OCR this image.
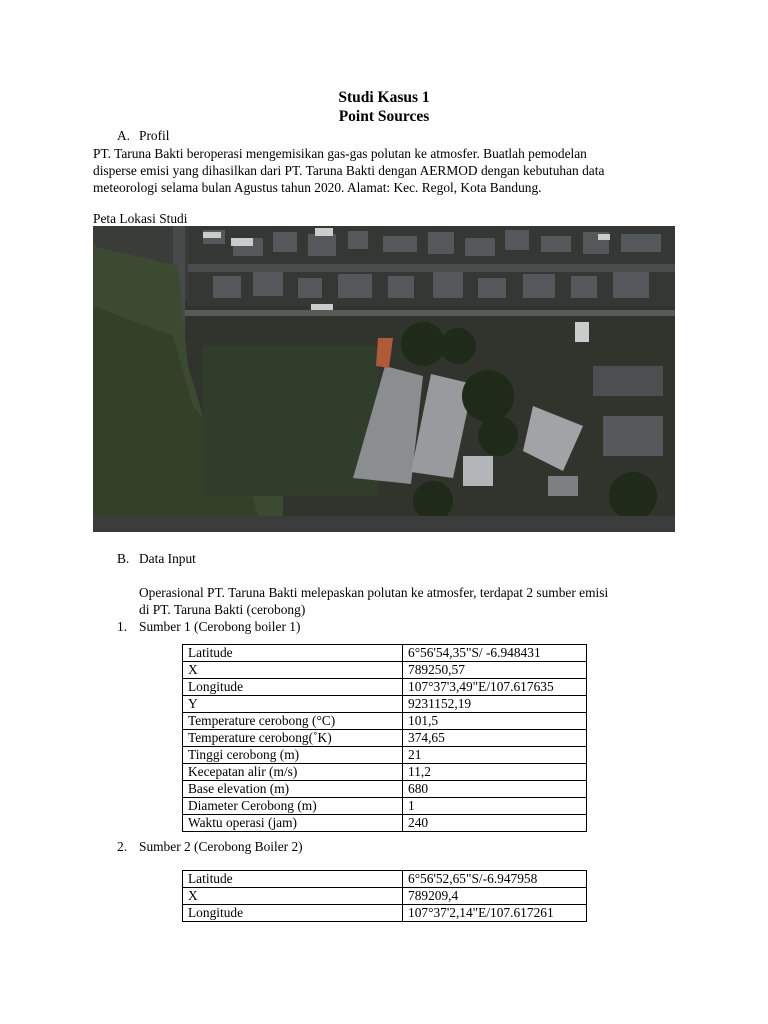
Studi Kasus 1
Point Sources
A. Profil
PT. Taruna Bakti beroperasi mengemisikan gas-gas polutan ke atmosfer. Buatlah pemodelan
disperse emisi yang dihasilkan dari PT. Taruna Bakti dengan AERMOD dengan kebutuhan data
meteorologi selama bulan Agustus tahun 2020. Alamat: Kec. Regol, Kota Bandung.
Peta Lokasi Studi
B. Data Input
Operasional PT. Taruna Bakti melepaskan polutan ke atmosfer, terdapat 2 sumber emisi
di PT. Taruna Bakti (cerobong)
1. Sumber 1 (Cerobong boiler 1)
Latitude	6°56'54,35"S/ -6.948431
X	789250,57
Longitude	107°37'3,49"E/107.617635
Y	9231152,19
Temperature cerobong (°C)	101,5
Temperature cerobong(˚K)	374,65
Tinggi cerobong (m)	21
Kecepatan alir (m/s)	11,2
Base elevation (m)	680
Diameter Cerobong (m)	1
Waktu operasi (jam)	240
2. Sumber 2 (Cerobong Boiler 2)
Latitude	6°56'52,65"S/-6.947958
X	789209,4
Longitude	107°37'2,14"E/107.617261
